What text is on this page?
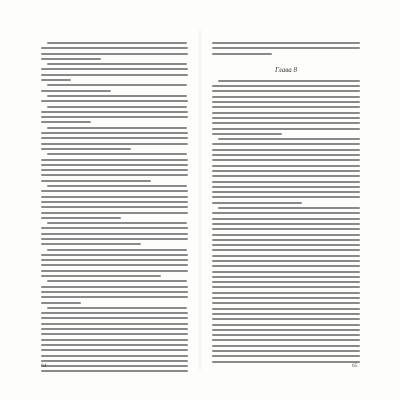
Глава 8
64	65
